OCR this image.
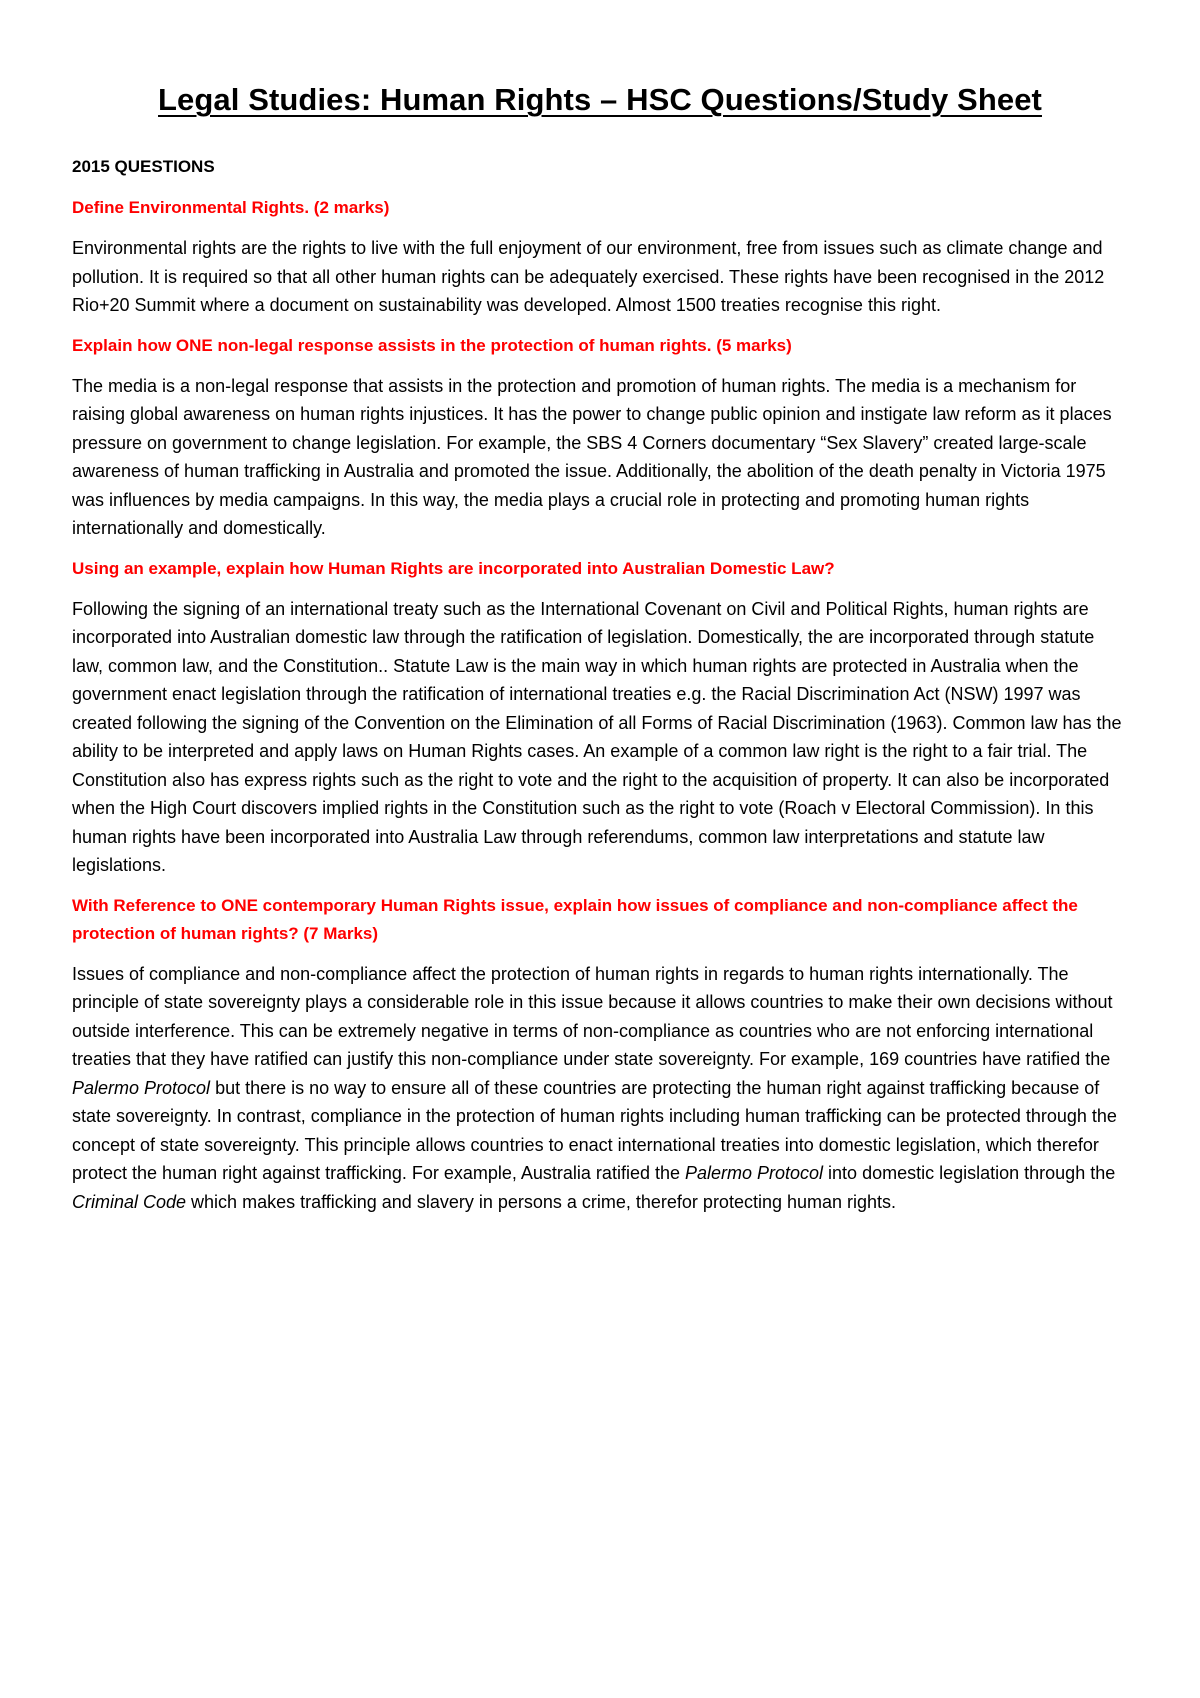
Legal Studies: Human Rights – HSC Questions/Study Sheet
2015 QUESTIONS
Define Environmental Rights. (2 marks)
Environmental rights are the rights to live with the full enjoyment of our environment, free from issues such as climate change and pollution. It is required so that all other human rights can be adequately exercised. These rights have been recognised in the 2012 Rio+20 Summit where a document on sustainability was developed. Almost 1500 treaties recognise this right.
Explain how ONE non-legal response assists in the protection of human rights. (5 marks)
The media is a non-legal response that assists in the protection and promotion of human rights. The media is a mechanism for raising global awareness on human rights injustices. It has the power to change public opinion and instigate law reform as it places pressure on government to change legislation. For example, the SBS 4 Corners documentary “Sex Slavery” created large-scale awareness of human trafficking in Australia and promoted the issue. Additionally, the abolition of the death penalty in Victoria 1975 was influences by media campaigns. In this way, the media plays a crucial role in protecting and promoting human rights internationally and domestically.
Using an example, explain how Human Rights are incorporated into Australian Domestic Law?
Following the signing of an international treaty such as the International Covenant on Civil and Political Rights, human rights are incorporated into Australian domestic law through the ratification of legislation. Domestically, the are incorporated through statute law, common law, and the Constitution.. Statute Law is the main way in which human rights are protected in Australia when the government enact legislation through the ratification of international treaties e.g. the Racial Discrimination Act (NSW) 1997 was created following the signing of the Convention on the Elimination of all Forms of Racial Discrimination (1963). Common law has the ability to be interpreted and apply laws on Human Rights cases. An example of a common law right is the right to a fair trial. The Constitution also has express rights such as the right to vote and the right to the acquisition of property. It can also be incorporated when the High Court discovers implied rights in the Constitution such as the right to vote (Roach v Electoral Commission). In this human rights have been incorporated into Australia Law through referendums, common law interpretations and statute law legislations.
With Reference to ONE contemporary Human Rights issue, explain how issues of compliance and non-compliance affect the protection of human rights? (7 Marks)
Issues of compliance and non-compliance affect the protection of human rights in regards to human rights internationally. The principle of state sovereignty plays a considerable role in this issue because it allows countries to make their own decisions without outside interference. This can be extremely negative in terms of non-compliance as countries who are not enforcing international treaties that they have ratified can justify this non-compliance under state sovereignty. For example, 169 countries have ratified the Palermo Protocol but there is no way to ensure all of these countries are protecting the human right against trafficking because of state sovereignty. In contrast, compliance in the protection of human rights including human trafficking can be protected through the concept of state sovereignty. This principle allows countries to enact international treaties into domestic legislation, which therefor protect the human right against trafficking. For example, Australia ratified the Palermo Protocol into domestic legislation through the Criminal Code which makes trafficking and slavery in persons a crime, therefor protecting human rights.
